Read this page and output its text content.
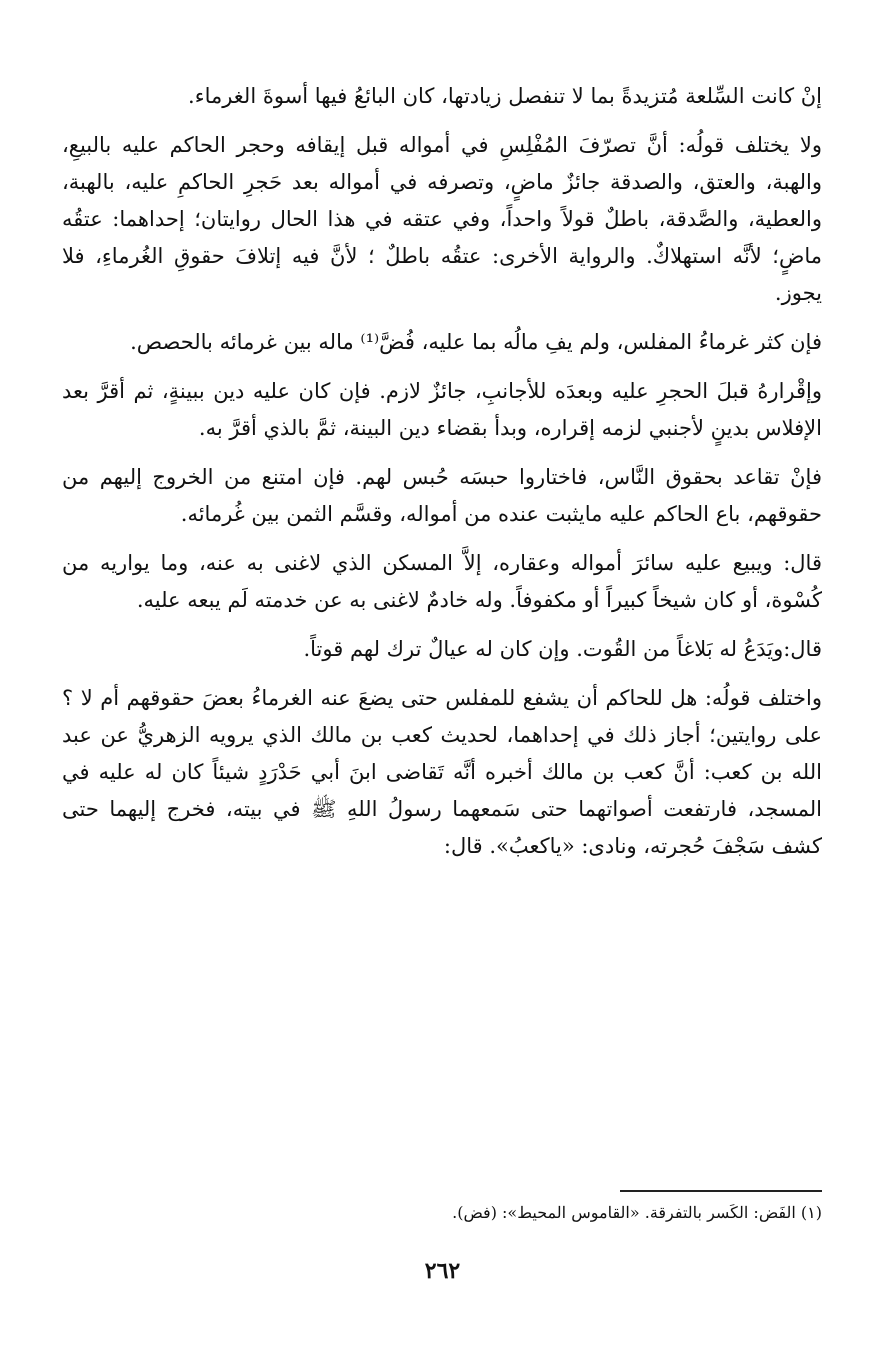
إنْ كانت السِّلعة مُتزيدةً بما لا تنفصل زيادتها، كان البائعُ فيها أسوةَ الغرماء.

ولا يختلف قولُه: أنَّ تصرّفَ المُفْلِسِ في أمواله قبل إيقافه وحجر الحاكم عليه بالبيعِ، والهبة، والعتق، والصدقة جائزٌ ماضٍ، وتصرفه في أمواله بعد حَجرِ الحاكمِ عليه، بالهبة، والعطية، والصَّدقة، باطلٌ قولاً واحداً، وفي عتقه في هذا الحال روايتان؛ إحداهما: عتقُه ماضٍ؛ لأنَّه استهلاكٌ. والرواية الأخرى: عتقُه باطلٌ ؛ لأنَّ فيه إتلافَ حقوقِ الغُرماءِ، فلا يجوز.

فإن كثر غرماءُ المفلس، ولم يفِ مالُه بما عليه، فُضَّ⁽¹⁾ ماله بين غرمائه بالحصص.

وإقْرارهُ قبلَ الحجرِ عليه وبعدَه للأجانبِ، جائزٌ لازم. فإن كان عليه دين ببينةٍ، ثم أقرَّ بعد الإفلاس بدينٍ لأجنبي لزمه إقراره، وبدأ بقضاء دين البينة، ثمَّ بالذي أقرَّ به.

فإنْ تقاعد بحقوق النَّاس، فاختاروا حبسَه حُبس لهم. فإن امتنع من الخروج إليهم من حقوقهم، باع الحاكم عليه مايثبت عنده من أمواله، وقسَّم الثمن بين غُرمائه.

قال: ويبيع عليه سائرَ أمواله وعقاره، إلاَّ المسكن الذي لاغنى به عنه، وما يواريه من كُسْوة، أو كان شيخاً كبيراً أو مكفوفاً. وله خادمٌ لاغنى به عن خدمته لَم يبعه عليه.

قال:ويَدَعُ له بَلاغاً من القُوت. وإن كان له عيالٌ ترك لهم قوتاً.

واختلف قولُه: هل للحاكم أن يشفع للمفلس حتى يضعَ عنه الغرماءُ بعضَ حقوقهم أم لا ؟ على روايتين؛ أجاز ذلك في إحداهما، لحديث كعب بن مالك الذي يرويه الزهريُّ عن عبد الله بن كعب: أنَّ كعب بن مالك أخبره أنَّه تَقاضى ابنَ أبي حَدْرَدٍ شيئاً كان له عليه في المسجد، فارتفعت أصواتهما حتى سَمعهما رسولُ اللهِ ﷺ في بيته، فخرج إليهما حتى كشف سَجْفَ حُجرته، ونادى: «ياكعبُ». قال:

(١) الفَض: الكَسر بالتفرقة. «القاموس المحيط»: (فض).
٢٦٢
